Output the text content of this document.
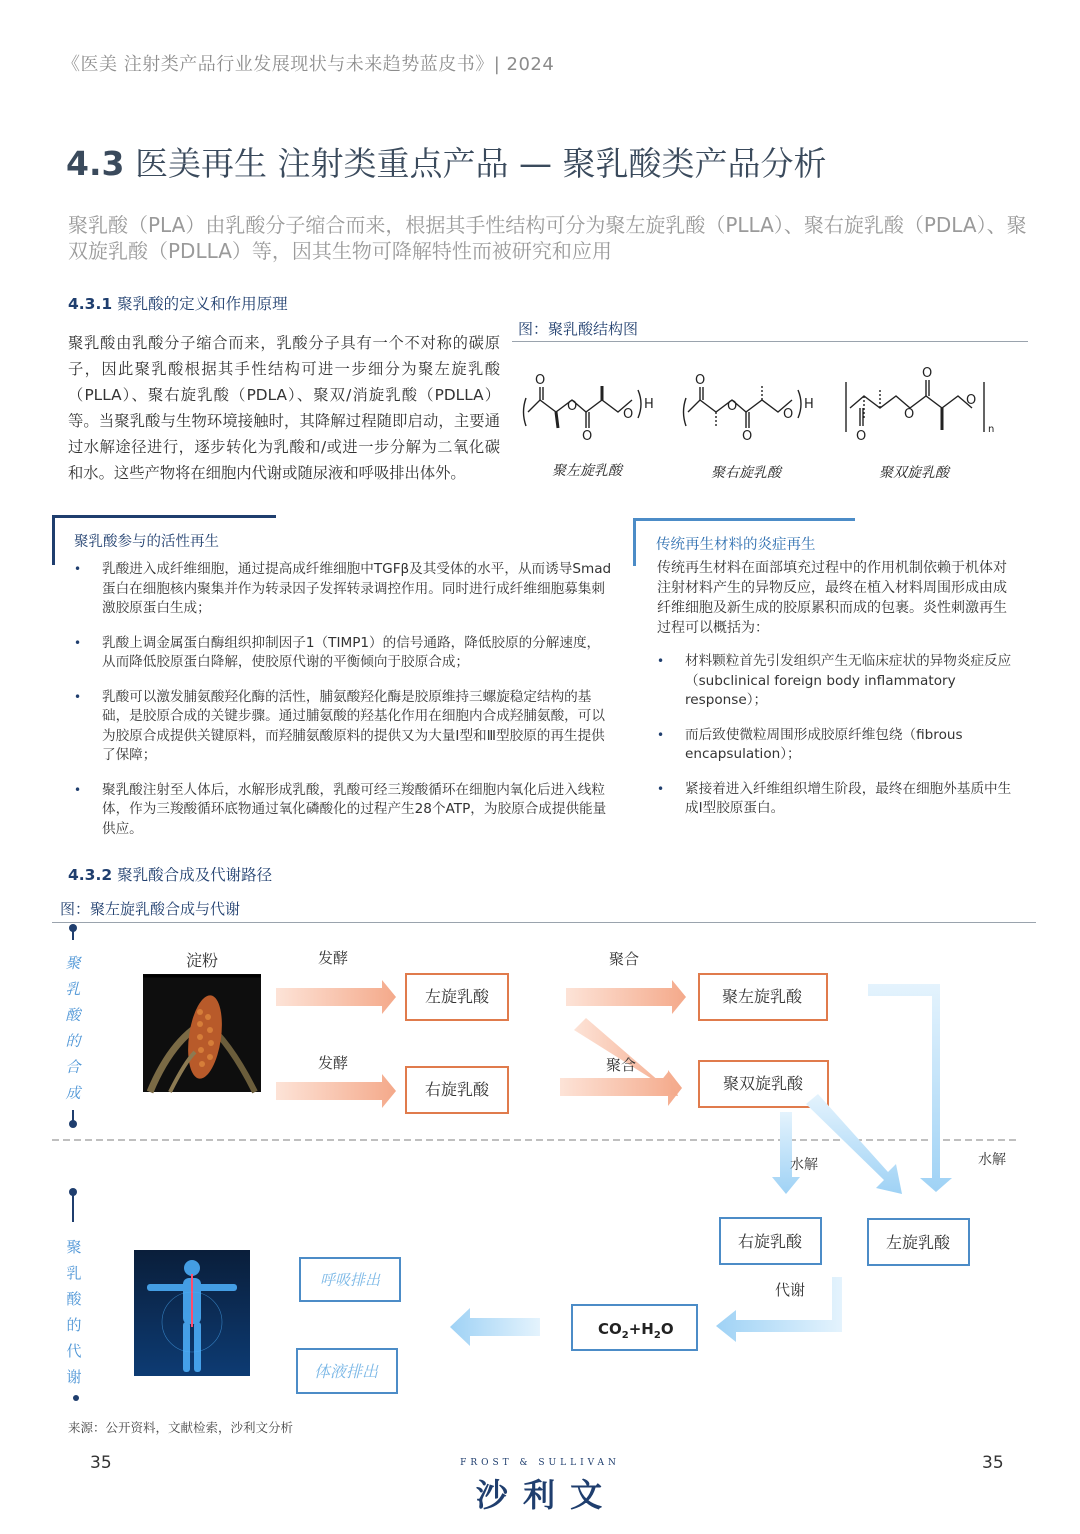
《医美 注射类产品行业发展现状与未来趋势蓝皮书》| 2024
4.3 医美再生 注射类重点产品 — 聚乳酸类产品分析
聚乳酸（PLA）由乳酸分子缩合而来，根据其手性结构可分为聚左旋乳酸（PLLA）、聚右旋乳酸（PDLA）、聚双旋乳酸（PDLLA）等，因其生物可降解特性而被研究和应用
4.3.1 聚乳酸的定义和作用原理
聚乳酸由乳酸分子缩合而来，乳酸分子具有一个不对称的碳原子，因此聚乳酸根据其手性结构可进一步细分为聚左旋乳酸（PLLA）、聚右旋乳酸（PDLA）、聚双/消旋乳酸（PDLLA）等。当聚乳酸与生物环境接触时，其降解过程随即启动，主要通过水解途径进行，逐步转化为乳酸和/或进一步分解为二氧化碳和水。这些产物将在细胞内代谢或随尿液和呼吸排出体外。
图：聚乳酸结构图
O
O
O
O
H
O
O
O
O
H
O
O
O
O
n
聚左旋乳酸	聚右旋乳酸	聚双旋乳酸
聚乳酸参与的活性再生
• 乳酸进入成纤维细胞，通过提高成纤维细胞中TGFβ及其受体的水平，从而诱导Smad蛋白在细胞核内聚集并作为转录因子发挥转录调控作用。同时进行成纤维细胞募集刺激胶原蛋白生成；
• 乳酸上调金属蛋白酶组织抑制因子1（TIMP1）的信号通路，降低胶原的分解速度，从而降低胶原蛋白降解，使胶原代谢的平衡倾向于胶原合成；
• 乳酸可以激发脯氨酸羟化酶的活性，脯氨酸羟化酶是胶原维持三螺旋稳定结构的基础，是胶原合成的关键步骤。通过脯氨酸的羟基化作用在细胞内合成羟脯氨酸，可以为胶原合成提供关键原料，而羟脯氨酸原料的提供又为大量Ⅰ型和Ⅲ型胶原的再生提供了保障；
• 聚乳酸注射至人体后，水解形成乳酸，乳酸可经三羧酸循环在细胞内氧化后进入线粒体，作为三羧酸循环底物通过氧化磷酸化的过程产生28个ATP，为胶原合成提供能量供应。
传统再生材料的炎症再生
传统再生材料在面部填充过程中的作用机制依赖于机体对注射材料产生的异物反应，最终在植入材料周围形成由成纤维细胞及新生成的胶原累积而成的包裹。炎性刺激再生过程可以概括为：
• 材料颗粒首先引发组织产生无临床症状的异物炎症反应（subclinical foreign body inflammatory response）；
• 而后致使微粒周围形成胶原纤维包绕（fibrous encapsulation）；
• 紧接着进入纤维组织增生阶段，最终在细胞外基质中生成I型胶原蛋白。
4.3.2 聚乳酸合成及代谢路径
图：聚左旋乳酸合成与代谢
淀粉	发酵
发酵
聚合
聚合
水解	水解
代谢
左旋乳酸
右旋乳酸
聚左旋乳酸
聚双旋乳酸
右旋乳酸	左旋乳酸
呼吸排出
体液排出
$CO_2+H_2O$
聚
乳
酸
的
合
成
聚
乳
酸
的
代
谢
来源：公开资料，文献检索，沙利文分析
35	35
FROST & SULLIVAN
沙 利 文
